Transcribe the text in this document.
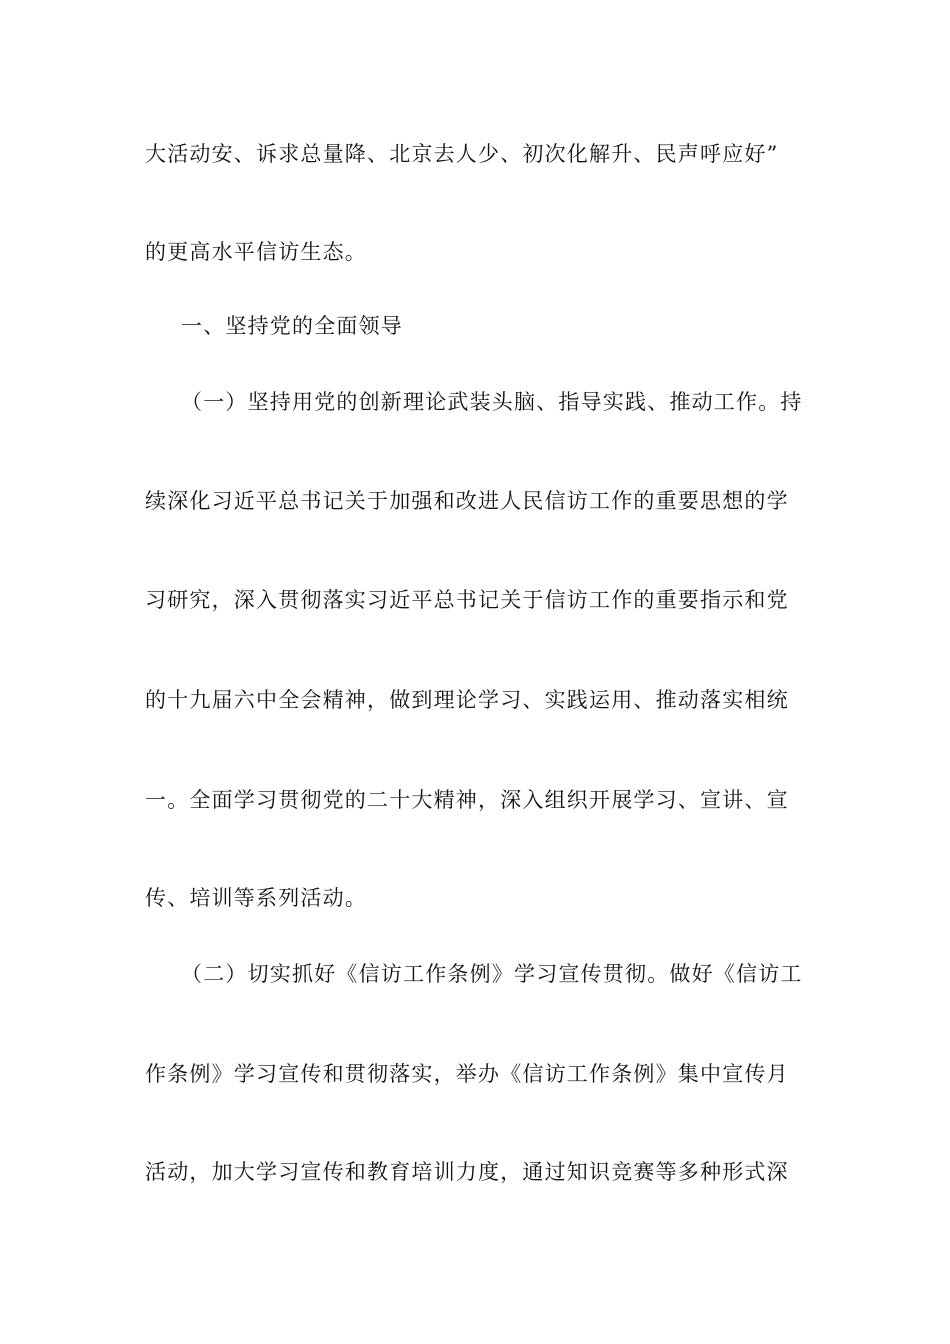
大活动安、诉求总量降、北京去人少、初次化解升、民声呼应好”
的更高水平信访生态。
一、坚持党的全面领导
（一）坚持用党的创新理论武装头脑、指导实践、推动工作。持
续深化习近平总书记关于加强和改进人民信访工作的重要思想的学
习研究，深入贯彻落实习近平总书记关于信访工作的重要指示和党
的十九届六中全会精神，做到理论学习、实践运用、推动落实相统
一。全面学习贯彻党的二十大精神，深入组织开展学习、宣讲、宣
传、培训等系列活动。
（二）切实抓好《信访工作条例》学习宣传贯彻。做好《信访工
作条例》学习宣传和贯彻落实，举办《信访工作条例》集中宣传月
活动，加大学习宣传和教育培训力度，通过知识竞赛等多种形式深
